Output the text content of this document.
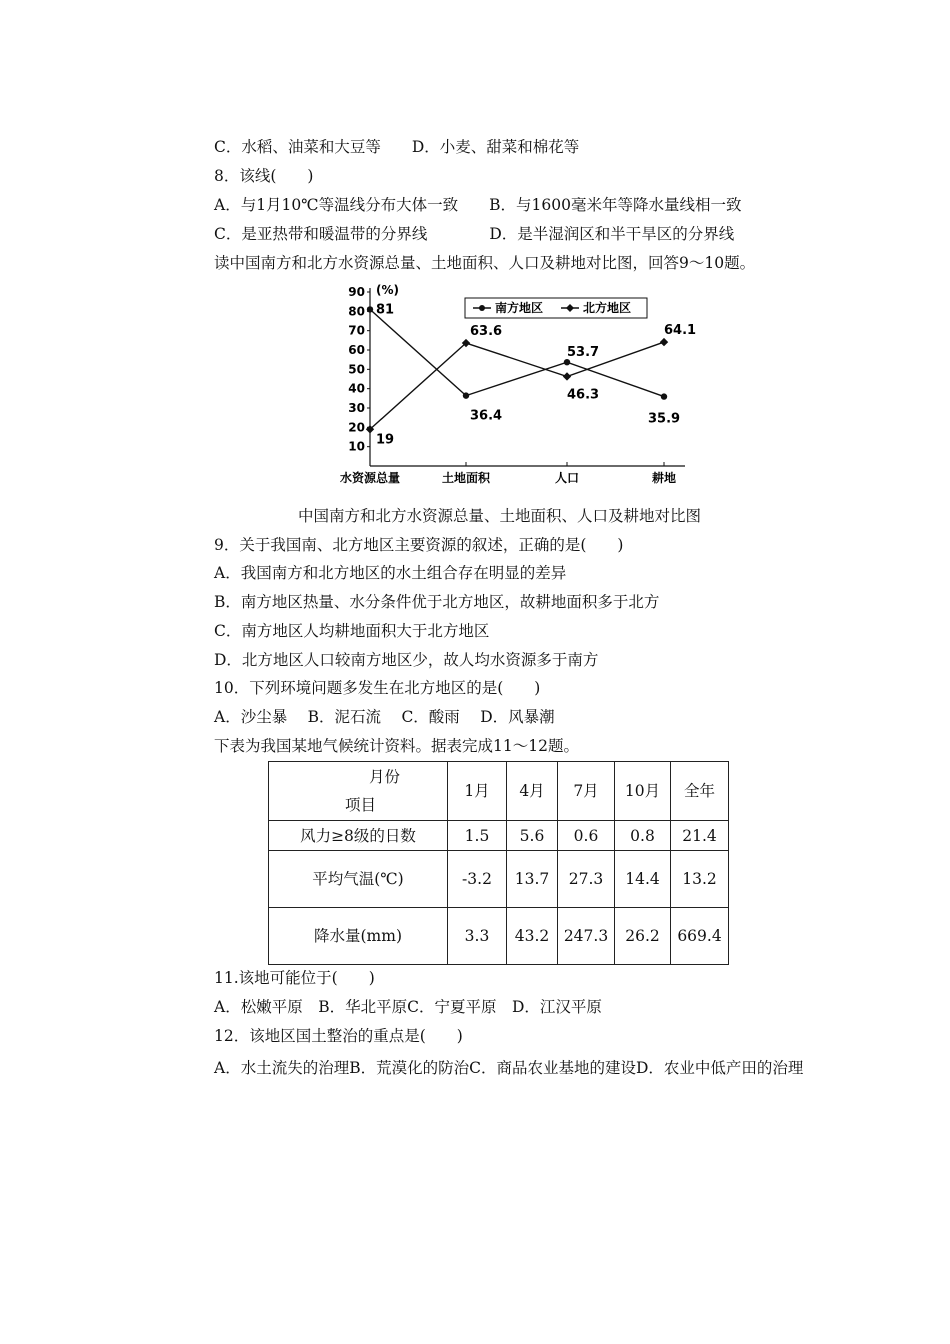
C．水稻、油菜和大豆等　　D．小麦、甜菜和棉花等
8．该线(　　)
A．与1月10℃等温线分布大体一致　　B．与1600毫米年等降水量线相一致
C．是亚热带和暖温带的分界线　　　　D．是半湿润区和半干旱区的分界线
读中国南方和北方水资源总量、土地面积、人口及耕地对比图，回答9～10题。
(%)
10
20
30
40
50
60
70
80
90
水资源总量	土地面积	人口	耕地
81
36.4
53.7
35.9
19
63.6
46.3
64.1
南方地区	北方地区
中国南方和北方水资源总量、土地面积、人口及耕地对比图
9．关于我国南、北方地区主要资源的叙述，正确的是(　　)
A．我国南方和北方地区的水土组合存在明显的差异
B．南方地区热量、水分条件优于北方地区，故耕地面积多于北方
C．南方地区人均耕地面积大于北方地区
D．北方地区人口较南方地区少，故人均水资源多于南方
10．下列环境问题多发生在北方地区的是(　　)
A．沙尘暴　 B．泥石流　 C．酸雨　 D．风暴潮
下表为我国某地气候统计资料。据表完成11～12题。
月份
项目	1月	4月	7月	10月	全年
风力≥8级的日数	1.5	5.6	0.6	0.8	21.4
平均气温(℃)	-3.2	13.7	27.3	14.4	13.2
降水量(mm)	3.3	43.2	247.3	26.2	669.4
11.该地可能位于(　　)
A．松嫩平原　B．华北平原C．宁夏平原　D．江汉平原
12．该地区国土整治的重点是(　　)
A．水土流失的治理B．荒漠化的防治C．商品农业基地的建设D．农业中低产田的治理
